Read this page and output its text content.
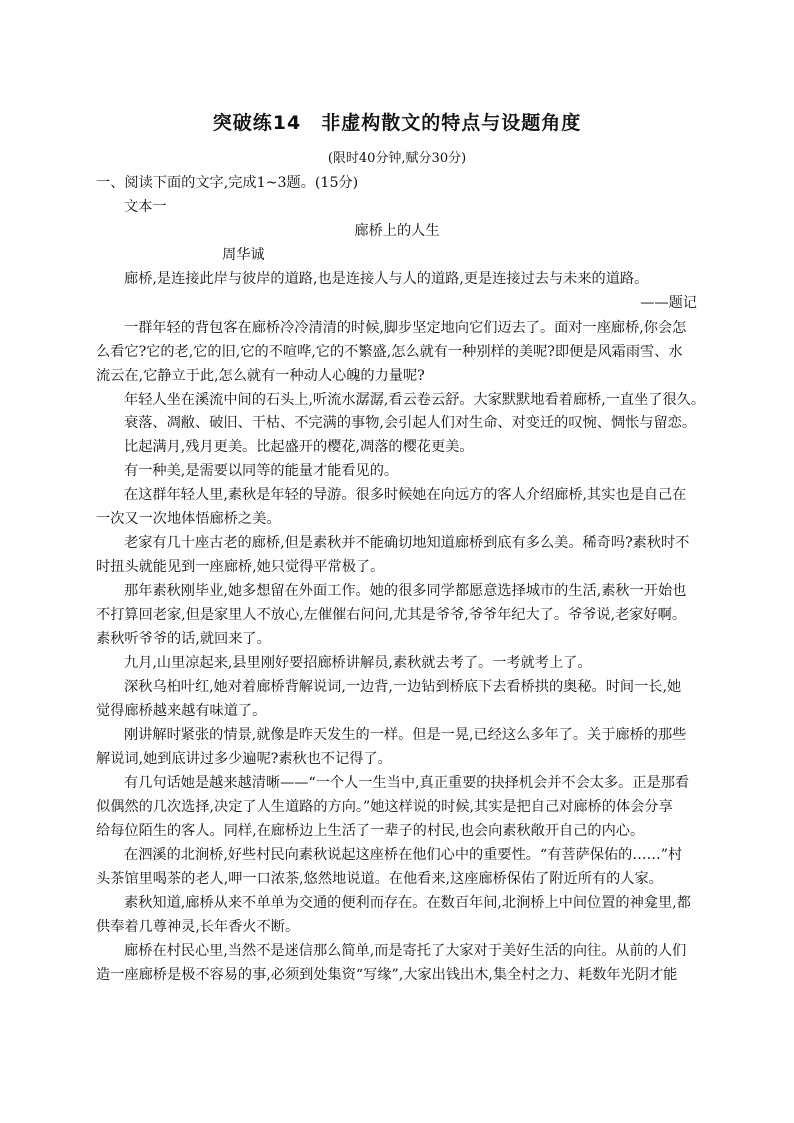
突破练14　非虚构散文的特点与设题角度
(限时40分钟,赋分30分)
一、阅读下面的文字,完成1~3题。(15分)
文本一
廊桥上的人生
周华诚
廊桥,是连接此岸与彼岸的道路,也是连接人与人的道路,更是连接过去与未来的道路。
——题记
一群年轻的背包客在廊桥冷冷清清的时候,脚步坚定地向它们迈去了。面对一座廊桥,你会怎
么看它?它的老,它的旧,它的不喧哗,它的不繁盛,怎么就有一种别样的美呢?即便是风霜雨雪、水
流云在,它静立于此,怎么就有一种动人心魄的力量呢?
年轻人坐在溪流中间的石头上,听流水潺潺,看云卷云舒。大家默默地看着廊桥,一直坐了很久。
衰落、凋敝、破旧、干枯、不完满的事物,会引起人们对生命、对变迁的叹惋、惆怅与留恋。
比起满月,残月更美。比起盛开的樱花,凋落的樱花更美。
有一种美,是需要以同等的能量才能看见的。
在这群年轻人里,素秋是年轻的导游。很多时候她在向远方的客人介绍廊桥,其实也是自己在
一次又一次地体悟廊桥之美。
老家有几十座古老的廊桥,但是素秋并不能确切地知道廊桥到底有多么美。稀奇吗?素秋时不
时扭头就能见到一座廊桥,她只觉得平常极了。
那年素秋刚毕业,她多想留在外面工作。她的很多同学都愿意选择城市的生活,素秋一开始也
不打算回老家,但是家里人不放心,左催催右问问,尤其是爷爷,爷爷年纪大了。爷爷说,老家好啊。
素秋听爷爷的话,就回来了。
九月,山里凉起来,县里刚好要招廊桥讲解员,素秋就去考了。一考就考上了。
深秋乌桕叶红,她对着廊桥背解说词,一边背,一边钻到桥底下去看桥拱的奥秘。时间一长,她
觉得廊桥越来越有味道了。
刚讲解时紧张的情景,就像是昨天发生的一样。但是一晃,已经这么多年了。关于廊桥的那些
解说词,她到底讲过多少遍呢?素秋也不记得了。
有几句话她是越来越清晰——“一个人一生当中,真正重要的抉择机会并不会太多。正是那看
似偶然的几次选择,决定了人生道路的方向。”她这样说的时候,其实是把自己对廊桥的体会分享
给每位陌生的客人。同样,在廊桥边上生活了一辈子的村民,也会向素秋敞开自己的内心。
在泗溪的北涧桥,好些村民向素秋说起这座桥在他们心中的重要性。“有菩萨保佑的……”村
头茶馆里喝茶的老人,呷一口浓茶,悠然地说道。在他看来,这座廊桥保佑了附近所有的人家。
素秋知道,廊桥从来不单单为交通的便利而存在。在数百年间,北涧桥上中间位置的神龛里,都
供奉着几尊神灵,长年香火不断。
廊桥在村民心里,当然不是迷信那么简单,而是寄托了大家对于美好生活的向往。从前的人们
造一座廊桥是极不容易的事,必须到处集资“写缘”,大家出钱出木,集全村之力、耗数年光阴才能
